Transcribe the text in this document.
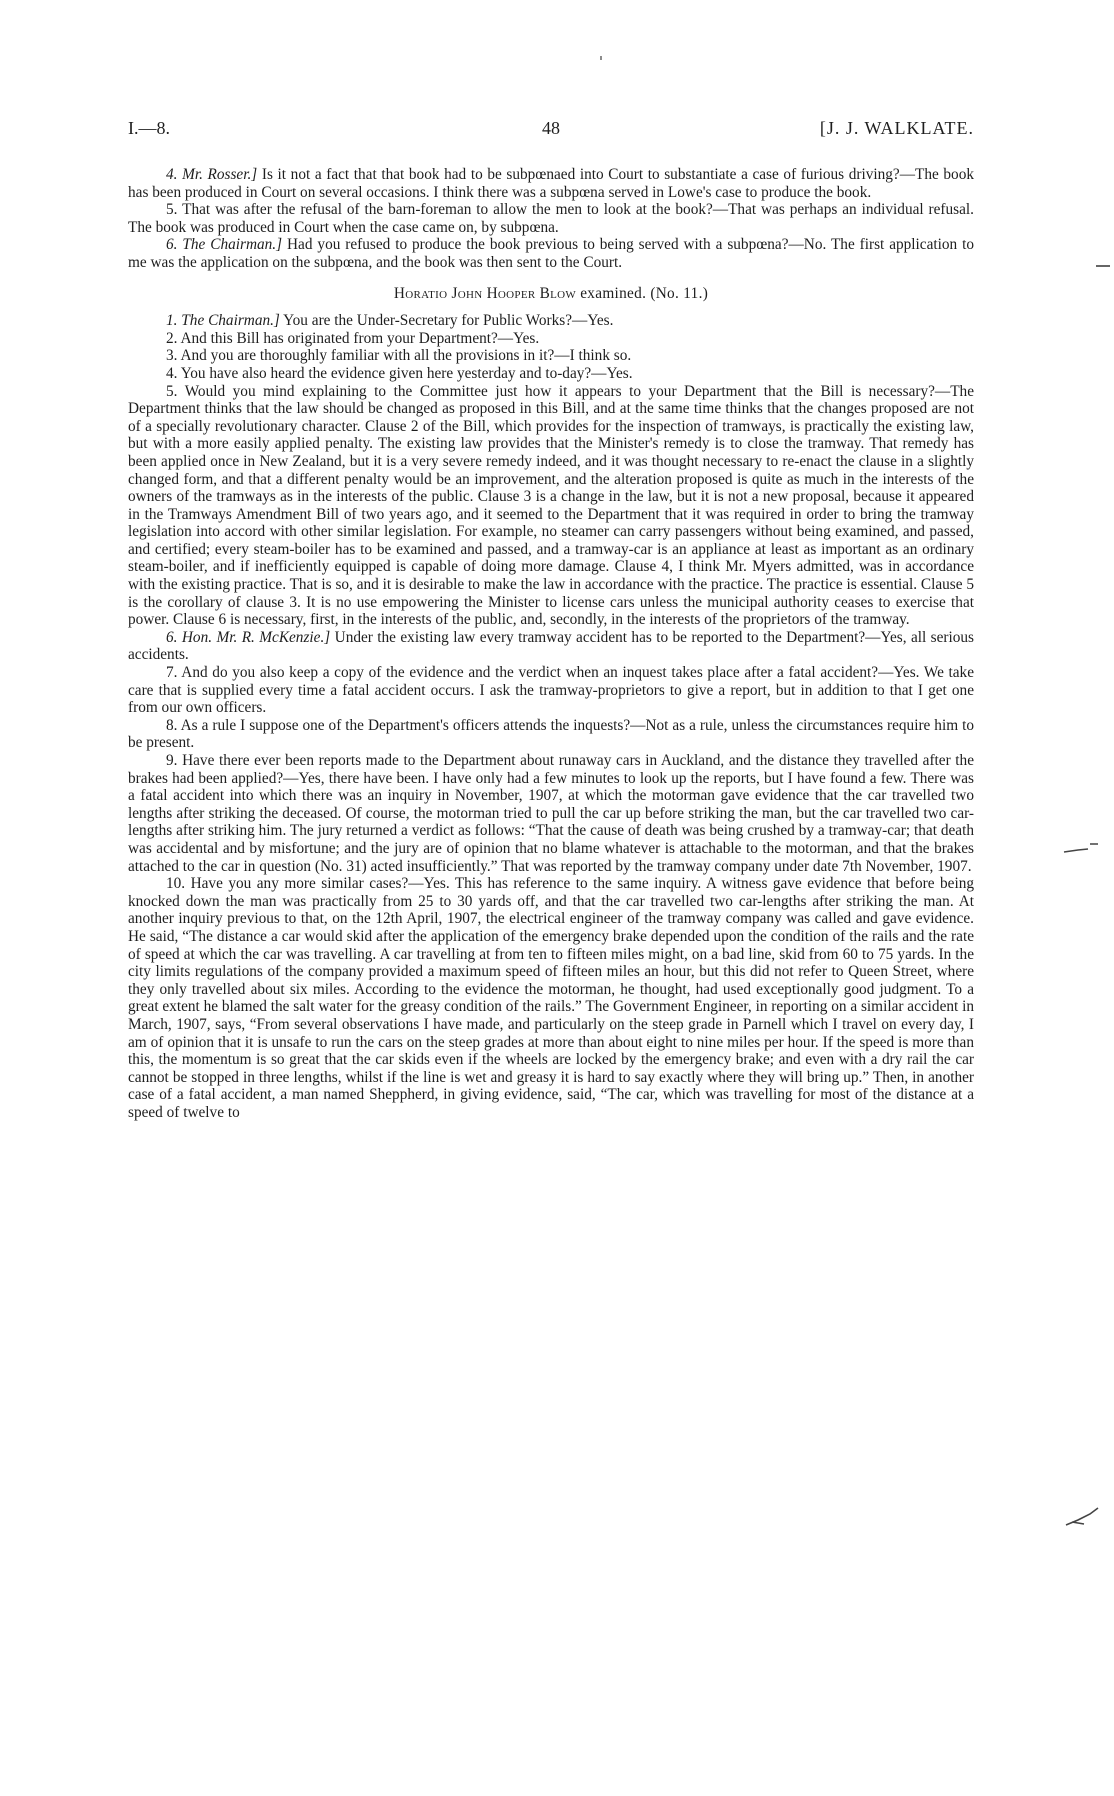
I.—8.	48	[J. J. WALKLATE.

4. Mr. Rosser.] Is it not a fact that that book had to be subpœnaed into Court to substantiate a case of furious driving?—The book has been produced in Court on several occasions. I think there was a subpœna served in Lowe's case to produce the book.

5. That was after the refusal of the barn-foreman to allow the men to look at the book?—That was perhaps an individual refusal. The book was produced in Court when the case came on, by subpœna.

6. The Chairman.] Had you refused to produce the book previous to being served with a subpœna?—No. The first application to me was the application on the subpœna, and the book was then sent to the Court.

Horatio John Hooper Blow examined. (No. 11.)

1. The Chairman.] You are the Under-Secretary for Public Works?—Yes.

2. And this Bill has originated from your Department?—Yes.

3. And you are thoroughly familiar with all the provisions in it?—I think so.

4. You have also heard the evidence given here yesterday and to-day?—Yes.

5. Would you mind explaining to the Committee just how it appears to your Department that the Bill is necessary?—The Department thinks that the law should be changed as proposed in this Bill, and at the same time thinks that the changes proposed are not of a specially revolutionary character. Clause 2 of the Bill, which provides for the inspection of tramways, is practically the existing law, but with a more easily applied penalty. The existing law provides that the Minister's remedy is to close the tramway. That remedy has been applied once in New Zealand, but it is a very severe remedy indeed, and it was thought necessary to re-enact the clause in a slightly changed form, and that a different penalty would be an improvement, and the alteration proposed is quite as much in the interests of the owners of the tramways as in the interests of the public. Clause 3 is a change in the law, but it is not a new proposal, because it appeared in the Tramways Amendment Bill of two years ago, and it seemed to the Department that it was required in order to bring the tramway legislation into accord with other similar legislation. For example, no steamer can carry passengers without being examined, and passed, and certified; every steam-boiler has to be examined and passed, and a tramway-car is an appliance at least as important as an ordinary steam-boiler, and if inefficiently equipped is capable of doing more damage. Clause 4, I think Mr. Myers admitted, was in accordance with the existing practice. That is so, and it is desirable to make the law in accordance with the practice. The practice is essential. Clause 5 is the corollary of clause 3. It is no use empowering the Minister to license cars unless the municipal authority ceases to exercise that power. Clause 6 is necessary, first, in the interests of the public, and, secondly, in the interests of the proprietors of the tramway.

6. Hon. Mr. R. McKenzie.] Under the existing law every tramway accident has to be reported to the Department?—Yes, all serious accidents.

7. And do you also keep a copy of the evidence and the verdict when an inquest takes place after a fatal accident?—Yes. We take care that is supplied every time a fatal accident occurs. I ask the tramway-proprietors to give a report, but in addition to that I get one from our own officers.

8. As a rule I suppose one of the Department's officers attends the inquests?—Not as a rule, unless the circumstances require him to be present.

9. Have there ever been reports made to the Department about runaway cars in Auckland, and the distance they travelled after the brakes had been applied?—Yes, there have been. I have only had a few minutes to look up the reports, but I have found a few. There was a fatal accident into which there was an inquiry in November, 1907, at which the motorman gave evidence that the car travelled two lengths after striking the deceased. Of course, the motorman tried to pull the car up before striking the man, but the car travelled two car-lengths after striking him. The jury returned a verdict as follows: “That the cause of death was being crushed by a tramway-car; that death was accidental and by misfortune; and the jury are of opinion that no blame whatever is attachable to the motorman, and that the brakes attached to the car in question (No. 31) acted insufficiently.” That was reported by the tramway company under date 7th November, 1907.

10. Have you any more similar cases?—Yes. This has reference to the same inquiry. A witness gave evidence that before being knocked down the man was practically from 25 to 30 yards off, and that the car travelled two car-lengths after striking the man. At another inquiry previous to that, on the 12th April, 1907, the electrical engineer of the tramway company was called and gave evidence. He said, “The distance a car would skid after the application of the emergency brake depended upon the condition of the rails and the rate of speed at which the car was travelling. A car travelling at from ten to fifteen miles might, on a bad line, skid from 60 to 75 yards. In the city limits regulations of the company provided a maximum speed of fifteen miles an hour, but this did not refer to Queen Street, where they only travelled about six miles. According to the evidence the motorman, he thought, had used exceptionally good judgment. To a great extent he blamed the salt water for the greasy condition of the rails.” The Government Engineer, in reporting on a similar accident in March, 1907, says, “From several observations I have made, and particularly on the steep grade in Parnell which I travel on every day, I am of opinion that it is unsafe to run the cars on the steep grades at more than about eight to nine miles per hour. If the speed is more than this, the momentum is so great that the car skids even if the wheels are locked by the emergency brake; and even with a dry rail the car cannot be stopped in three lengths, whilst if the line is wet and greasy it is hard to say exactly where they will bring up.” Then, in another case of a fatal accident, a man named Sheppherd, in giving evidence, said, “The car, which was travelling for most of the distance at a speed of twelve to
